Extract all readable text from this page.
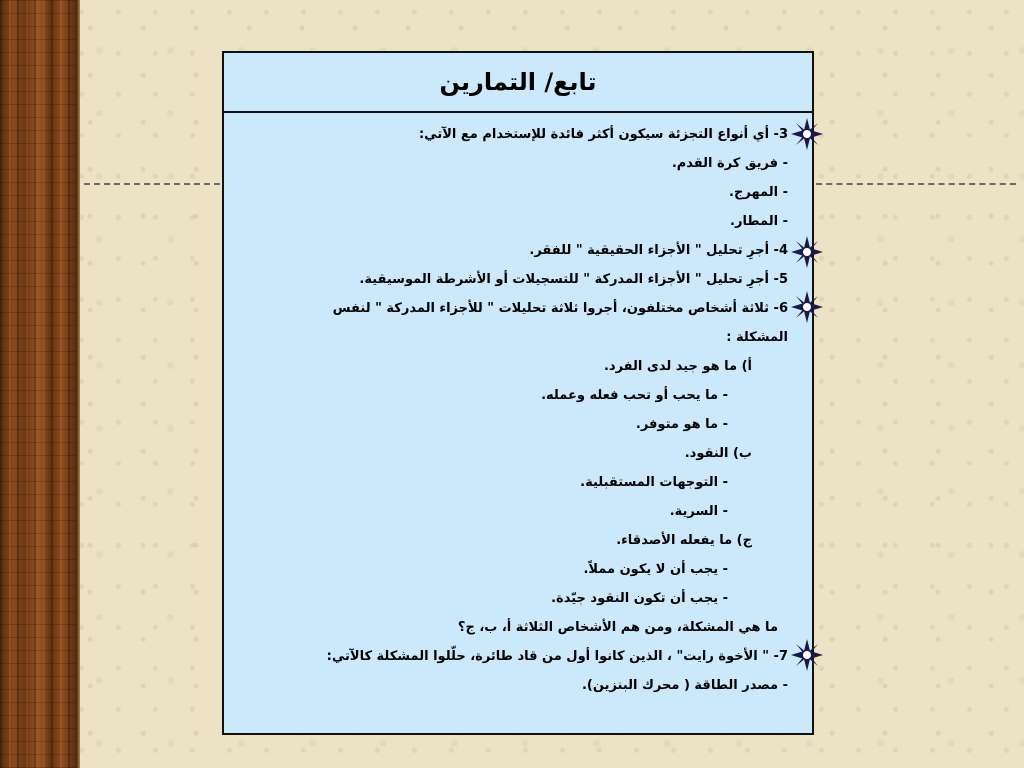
تابع/ التمارين
3- أي أنواع التجزئة سيكون أكثر فائدة للإستخدام مع الآتي:
- فريق كرة القدم.
- المهرج.
- المطار.
4- أجرِ تحليل " الأجزاء الحقيقية " للفقر.
5- أجرِ تحليل " الأجزاء المدركة " للتسجيلات أو الأشرطة الموسيقية.
6- ثلاثة أشخاص مختلفون، أجروا ثلاثة تحليلات " للأجزاء المدركة " لنفس
المشكلة :
أ) ما هو جيد لدى الفرد.
- ما يحب أو تحب فعله وعمله.
- ما هو متوفر.
ب) النقود.
- التوجهات المستقبلية.
- السرية.
ج) ما يفعله الأصدقاء.
- يجب أن لا يكون مملاً.
- يجب أن تكون النقود جيّدة.
ما هي المشكلة، ومن هم الأشخاص الثلاثة أ، ب، ج؟
7- " الأخوة رايت" ، الذين كانوا أول من قاد طائرة، حلّلوا المشكلة كالآتي:
- مصدر الطاقة ( محرك البنزين).
